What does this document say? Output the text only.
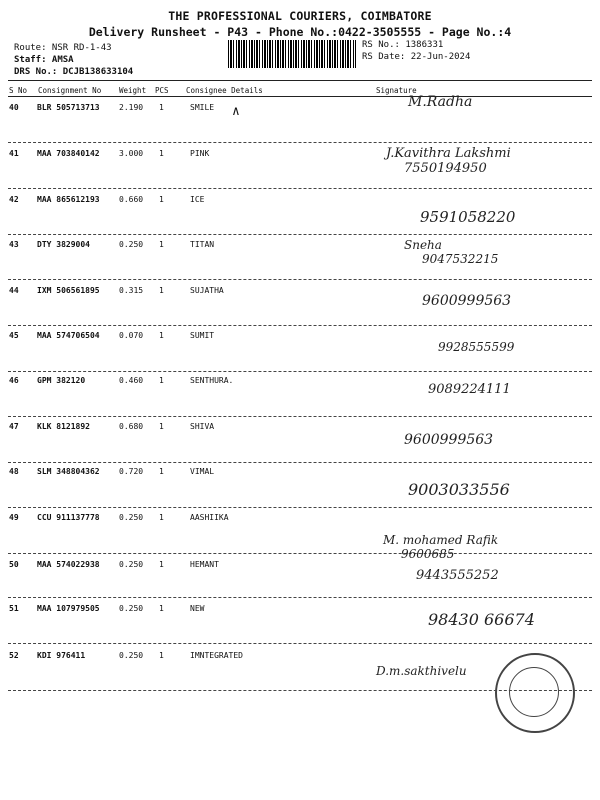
THE PROFESSIONAL COURIERS, COIMBATORE
Delivery Runsheet - P43 - Phone No.:0422-3505555 - Page No.:4
Route: NSR RD-1-43
Staff: AMSA
DRS No.: DCJB138633104
RS No.: 1386331
RS Date: 22-Jun-2024
S No Consignment No Weight PCS Consignee Details	Signature
40 BLR 505713713 2.190 1	SMILE	M.Radha
41 MAA 703840142 3.000 1	PINK	J.Kavithra Lakshmi
7550194950
42 MAA 865612193 0.660 1	ICE
9591058220
43 DTY 3829004	0.250 1	TITAN	Sneha
9047532215
44 IXM 506561895 0.315 1	SUJATHA
9600999563
45 MAA 574706504 0.070 1	SUMIT
9928555599
46 GPM 382120	0.460 1	SENTHURA.
9089224111
47 KLK 8121892	0.680 1	SHIVA
9600999563
48 SLM 348804362 0.720 1	VIMAL
9003033556
49 CCU 911137778 0.250 1	AASHIIKA
M. mohamed Rafik
9600685
50 MAA 574022938 0.250 1	HEMANT
9443555252
51 MAA 107979505 0.250 1	NEW
98430 66674
52 KDI 976411	0.250 1	IMNTEGRATED
D.m.sakthivelu
∧
